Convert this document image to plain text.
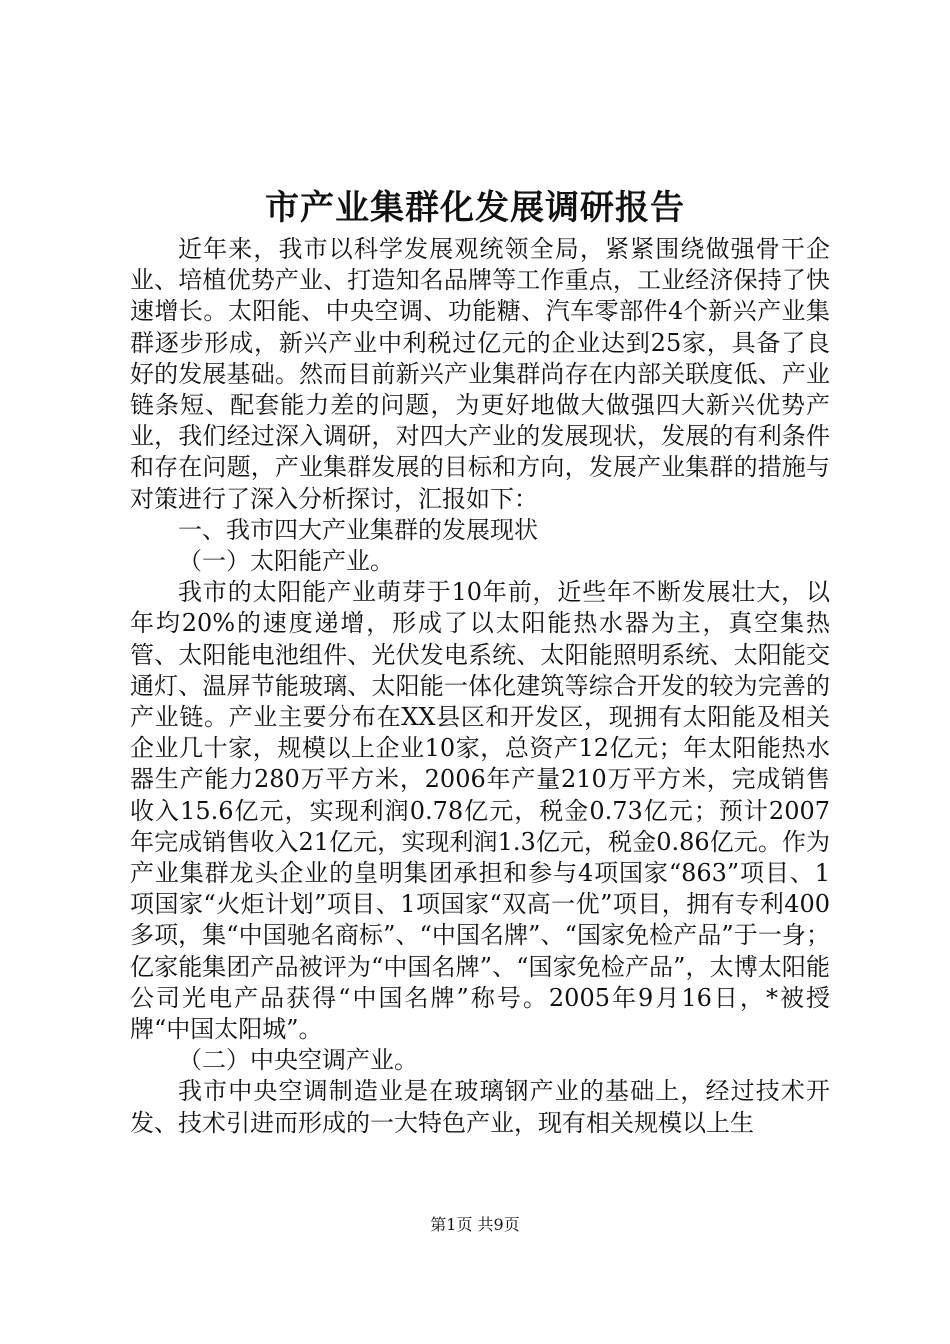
市产业集群化发展调研报告

近年来，我市以科学发展观统领全局，紧紧围绕做强骨干企业、培植优势产业、打造知名品牌等工作重点，工业经济保持了快速增长。太阳能、中央空调、功能糖、汽车零部件4个新兴产业集群逐步形成，新兴产业中利税过亿元的企业达到25家，具备了良好的发展基础。然而目前新兴产业集群尚存在内部关联度低、产业链条短、配套能力差的问题，为更好地做大做强四大新兴优势产业，我们经过深入调研，对四大产业的发展现状，发展的有利条件和存在问题，产业集群发展的目标和方向，发展产业集群的措施与对策进行了深入分析探讨，汇报如下：

一、我市四大产业集群的发展现状

（一）太阳能产业。

我市的太阳能产业萌芽于10年前，近些年不断发展壮大，以年均20%的速度递增，形成了以太阳能热水器为主，真空集热管、太阳能电池组件、光伏发电系统、太阳能照明系统、太阳能交通灯、温屏节能玻璃、太阳能一体化建筑等综合开发的较为完善的产业链。产业主要分布在XX县区和开发区，现拥有太阳能及相关企业几十家，规模以上企业10家，总资产12亿元；年太阳能热水器生产能力280万平方米，2006年产量210万平方米，完成销售收入15.6亿元，实现利润0.78亿元，税金0.73亿元；预计2007年完成销售收入21亿元，实现利润1.3亿元，税金0.86亿元。作为产业集群龙头企业的皇明集团承担和参与4项国家“863”项目、1项国家“火炬计划”项目、1项国家“双高一优”项目，拥有专利400多项，集“中国驰名商标”、“中国名牌”、“国家免检产品”于一身；亿家能集团产品被评为“中国名牌”、“国家免检产品”，太博太阳能公司光电产品获得“中国名牌”称号。2005年9月16日，*被授牌“中国太阳城”。

（二）中央空调产业。

我市中央空调制造业是在玻璃钢产业的基础上，经过技术开发、技术引进而形成的一大特色产业，现有相关规模以上生

第1页 共9页
